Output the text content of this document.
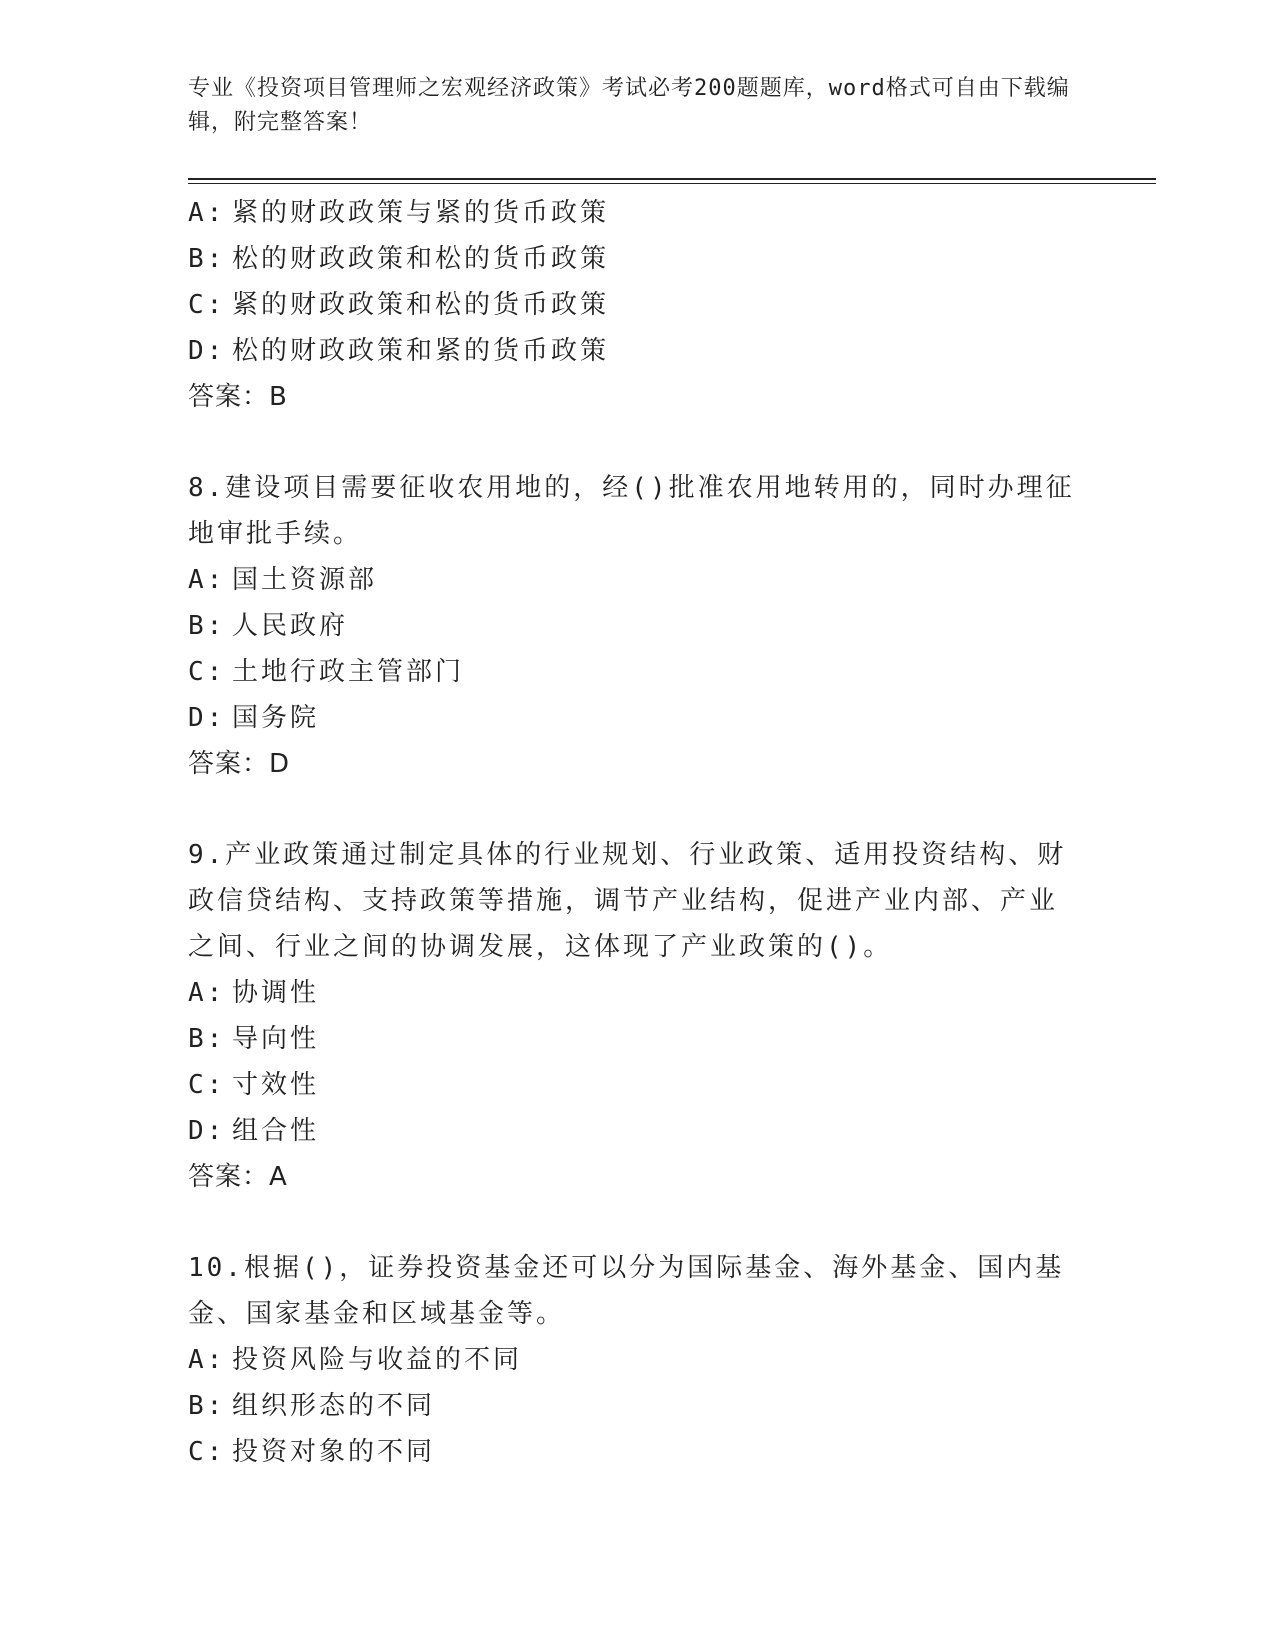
专业《投资项目管理师之宏观经济政策》考试必考200题题库，word格式可自由下载编辑，附完整答案！
A: 紧的财政政策与紧的货币政策
B: 松的财政政策和松的货币政策
C: 紧的财政政策和松的货币政策
D: 松的财政政策和紧的货币政策
答案：B
8.建设项目需要征收农用地的，经()批准农用地转用的，同时办理征地审批手续。
A: 国土资源部
B: 人民政府
C: 土地行政主管部门
D: 国务院
答案：D
9.产业政策通过制定具体的行业规划、行业政策、适用投资结构、财政信贷结构、支持政策等措施，调节产业结构，促进产业内部、产业之间、行业之间的协调发展，这体现了产业政策的()。
A: 协调性
B: 导向性
C: 寸效性
D: 组合性
答案：A
10.根据()，证券投资基金还可以分为国际基金、海外基金、国内基金、国家基金和区域基金等。
A: 投资风险与收益的不同
B: 组织形态的不同
C: 投资对象的不同
